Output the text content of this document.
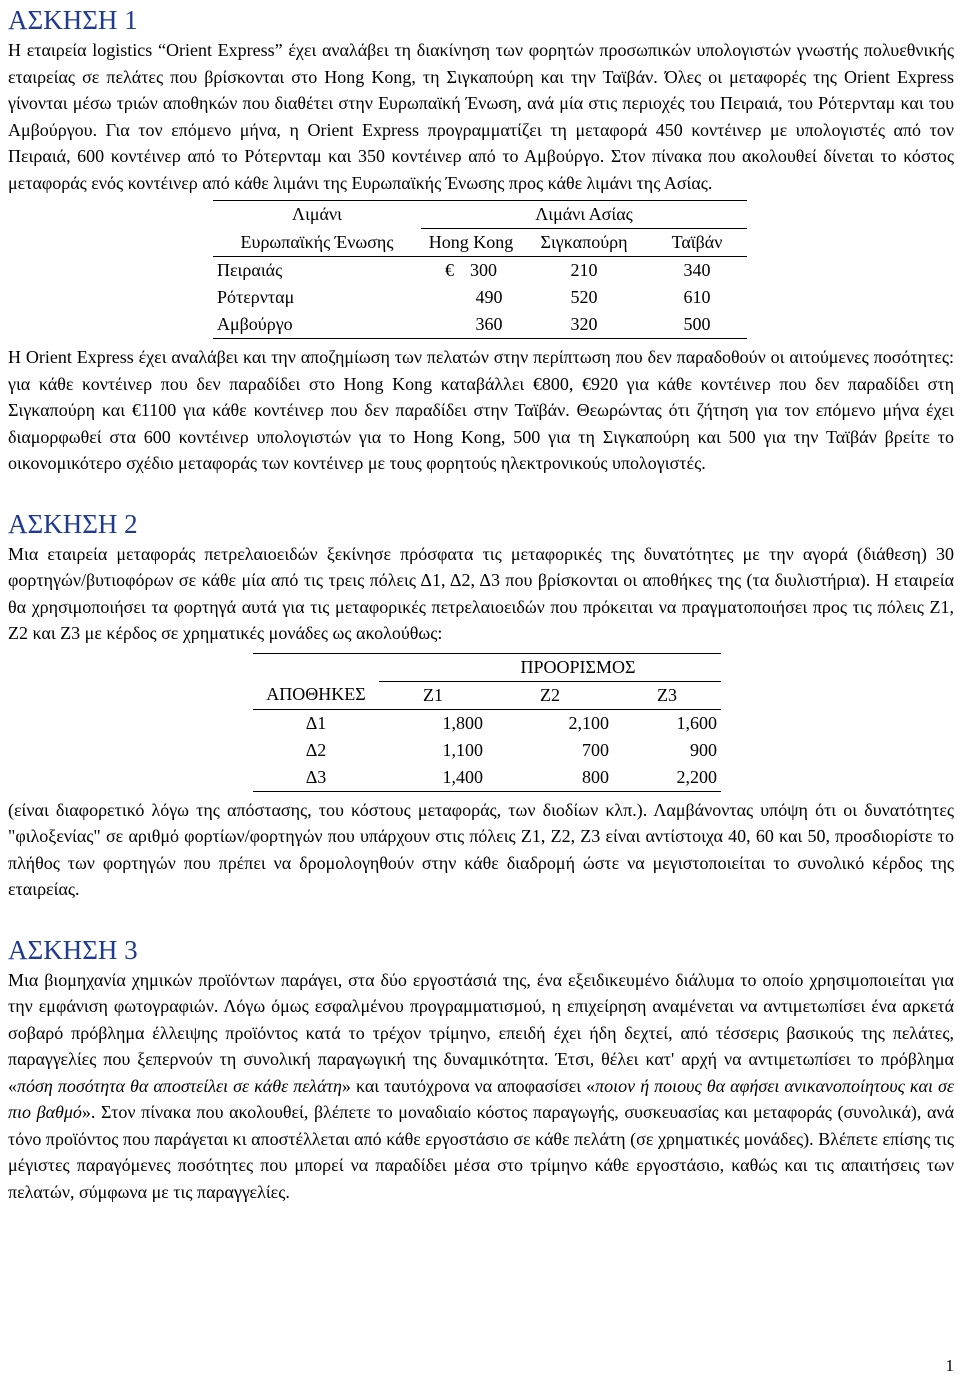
ΑΣΚΗΣΗ 1

Η εταιρεία logistics “Orient Express” έχει αναλάβει τη διακίνηση των φορητών προσωπικών υπολογιστών γνωστής πολυεθνικής εταιρείας σε πελάτες που βρίσκονται στο Hong Kong, τη Σιγκαπούρη και την Ταϊβάν. Όλες οι μεταφορές της Orient Express γίνονται μέσω τριών αποθηκών που διαθέτει στην Ευρωπαϊκή Ένωση, ανά μία στις περιοχές του Πειραιά, του Ρότερνταμ και του Αμβούργου. Για τον επόμενο μήνα, η Orient Express προγραμματίζει τη μεταφορά 450 κοντέινερ με υπολογιστές από τον Πειραιά, 600 κοντέινερ από το Ρότερνταμ και 350 κοντέινερ από το Αμβούργο. Στον πίνακα που ακολουθεί δίνεται το κόστος μεταφοράς ενός κοντέινερ από κάθε λιμάνι της Ευρωπαϊκής Ένωσης προς κάθε λιμάνι της Ασίας.

Λιμάνι	Λιμάνι Ασίας		
Ευρωπαϊκής Ένωσης	Hong Kong	Σιγκαπούρη	Ταϊβάν
Πειραιάς	€ 300	210	340
Ρότερνταμ	490	520	610
Αμβούργο	360	320	500

Η Orient Express έχει αναλάβει και την αποζημίωση των πελατών στην περίπτωση που δεν παραδοθούν οι αιτούμενες ποσότητες: για κάθε κοντέινερ που δεν παραδίδει στο Hong Kong καταβάλλει €800, €920 για κάθε κοντέινερ που δεν παραδίδει στη Σιγκαπούρη και €1100 για κάθε κοντέινερ που δεν παραδίδει στην Ταϊβάν. Θεωρώντας ότι ζήτηση για τον επόμενο μήνα έχει διαμορφωθεί στα 600 κοντέινερ υπολογιστών για το Hong Kong, 500 για τη Σιγκαπούρη και 500 για την Ταϊβάν βρείτε το οικονομικότερο σχέδιο μεταφοράς των κοντέινερ με τους φορητούς ηλεκτρονικούς υπολογιστές.

ΑΣΚΗΣΗ 2

Μια εταιρεία μεταφοράς πετρελαιοειδών ξεκίνησε πρόσφατα τις μεταφορικές της δυνατότητες με την αγορά (διάθεση) 30 φορτηγών/βυτιοφόρων σε κάθε μία από τις τρεις πόλεις Δ1, Δ2, Δ3 που βρίσκονται οι αποθήκες της (τα διυλιστήρια). Η εταιρεία θα χρησιμοποιήσει τα φορτηγά αυτά για τις μεταφορικές πετρελαιοειδών που πρόκειται να πραγματοποιήσει προς τις πόλεις Ζ1, Ζ2 και Ζ3 με κέρδος σε χρηματικές μονάδες ως ακολούθως:

	ΠΡΟΟΡΙΣΜΟΣ		
ΑΠΟΘΗΚΕΣ	Ζ1	Ζ2	Ζ3
Δ1	1,800	2,100	1,600
Δ2	1,100	700	900
Δ3	1,400	800	2,200

(είναι διαφορετικό λόγω της απόστασης, του κόστους μεταφοράς, των διοδίων κλπ.). Λαμβάνοντας υπόψη ότι οι δυνατότητες "φιλοξενίας" σε αριθμό φορτίων/φορτηγών που υπάρχουν στις πόλεις Ζ1, Ζ2, Ζ3 είναι αντίστοιχα 40, 60 και 50, προσδιορίστε το πλήθος των φορτηγών που πρέπει να δρομολογηθούν στην κάθε διαδρομή ώστε να μεγιστοποιείται το συνολικό κέρδος της εταιρείας.

ΑΣΚΗΣΗ 3

Μια βιομηχανία χημικών προϊόντων παράγει, στα δύο εργοστάσιά της, ένα εξειδικευμένο διάλυμα το οποίο χρησιμοποιείται για την εμφάνιση φωτογραφιών. Λόγω όμως εσφαλμένου προγραμματισμού, η επιχείρηση αναμένεται να αντιμετωπίσει ένα αρκετά σοβαρό πρόβλημα έλλειψης προϊόντος κατά το τρέχον τρίμηνο, επειδή έχει ήδη δεχτεί, από τέσσερις βασικούς της πελάτες, παραγγελίες που ξεπερνούν τη συνολική παραγωγική της δυναμικότητα. Έτσι, θέλει κατ' αρχή να αντιμετωπίσει το πρόβλημα «πόση ποσότητα θα αποστείλει σε κάθε πελάτη» και ταυτόχρονα να αποφασίσει «ποιον ή ποιους θα αφήσει ανικανοποίητους και σε πιο βαθμό». Στον πίνακα που ακολουθεί, βλέπετε το μοναδιαίο κόστος παραγωγής, συσκευασίας και μεταφοράς (συνολικά), ανά τόνο προϊόντος που παράγεται κι αποστέλλεται από κάθε εργοστάσιο σε κάθε πελάτη (σε χρηματικές μονάδες). Βλέπετε επίσης τις μέγιστες παραγόμενες ποσότητες που μπορεί να παραδίδει μέσα στο τρίμηνο κάθε εργοστάσιο, καθώς και τις απαιτήσεις των πελατών, σύμφωνα με τις παραγγελίες.

1
